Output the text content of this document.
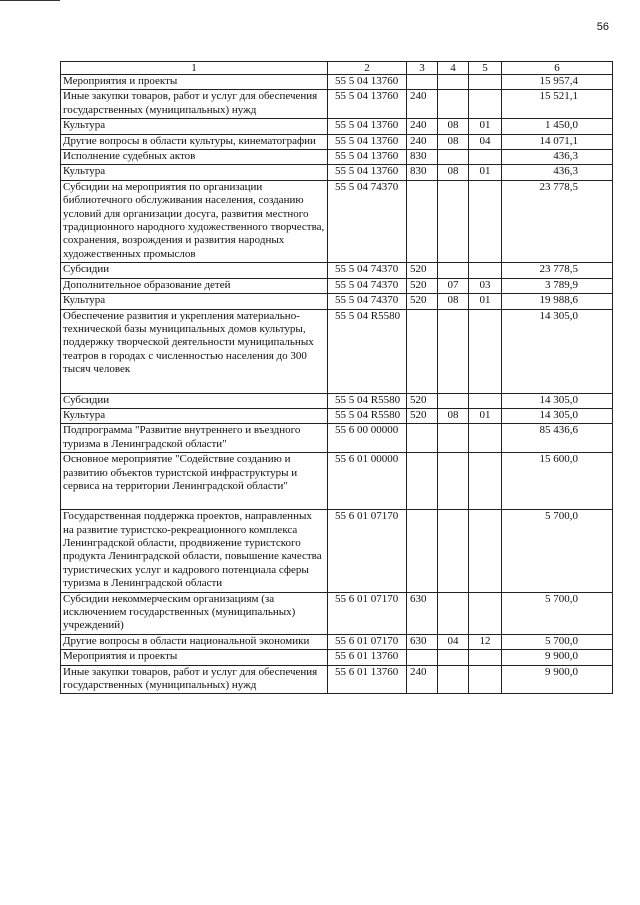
56
1	2	3	4	5	6
Мероприятия и проекты	55 5 04 13760				15 957,4
Иные закупки товаров, работ и услуг для обеспечения государственных (муниципальных) нужд	55 5 04 13760	240			15 521,1
Культура	55 5 04 13760	240	08	01	1 450,0
Другие вопросы в области культуры, кинематографии	55 5 04 13760	240	08	04	14 071,1
Исполнение судебных актов	55 5 04 13760	830			436,3
Культура	55 5 04 13760	830	08	01	436,3
Субсидии на мероприятия по организации библиотечного обслуживания населения, созданию условий для организации досуга, развития местного традиционного народного художественного творчества, сохранения, возрождения и развития народных художественных промыслов	55 5 04 74370				23 778,5
Субсидии	55 5 04 74370	520			23 778,5
Дополнительное образование детей	55 5 04 74370	520	07	03	3 789,9
Культура	55 5 04 74370	520	08	01	19 988,6
Обеспечение развития и укрепления материально-технической базы муниципальных домов культуры, поддержку творческой деятельности муниципальных театров в городах с численностью населения до 300 тысяч человек	55 5 04 R5580				14 305,0
Субсидии	55 5 04 R5580	520			14 305,0
Культура	55 5 04 R5580	520	08	01	14 305,0
Подпрограмма "Развитие внутреннего и въездного туризма в Ленинградской области"	55 6 00 00000				85 436,6
Основное мероприятие "Содействие созданию и развитию объектов туристской инфраструктуры и сервиса на территории Ленинградской области"	55 6 01 00000				15 600,0
Государственная поддержка проектов, направленных на развитие туристско-рекреационного комплекса Ленинградской области, продвижение туристского продукта Ленинградской области, повышение качества туристических услуг и кадрового потенциала сферы туризма в Ленинградской области	55 6 01 07170				5 700,0
Субсидии некоммерческим организациям (за исключением государственных (муниципальных) учреждений)	55 6 01 07170	630			5 700,0
Другие вопросы в области национальной экономики	55 6 01 07170	630	04	12	5 700,0
Мероприятия и проекты	55 6 01 13760				9 900,0
Иные закупки товаров, работ и услуг для обеспечения государственных (муниципальных) нужд	55 6 01 13760	240			9 900,0
